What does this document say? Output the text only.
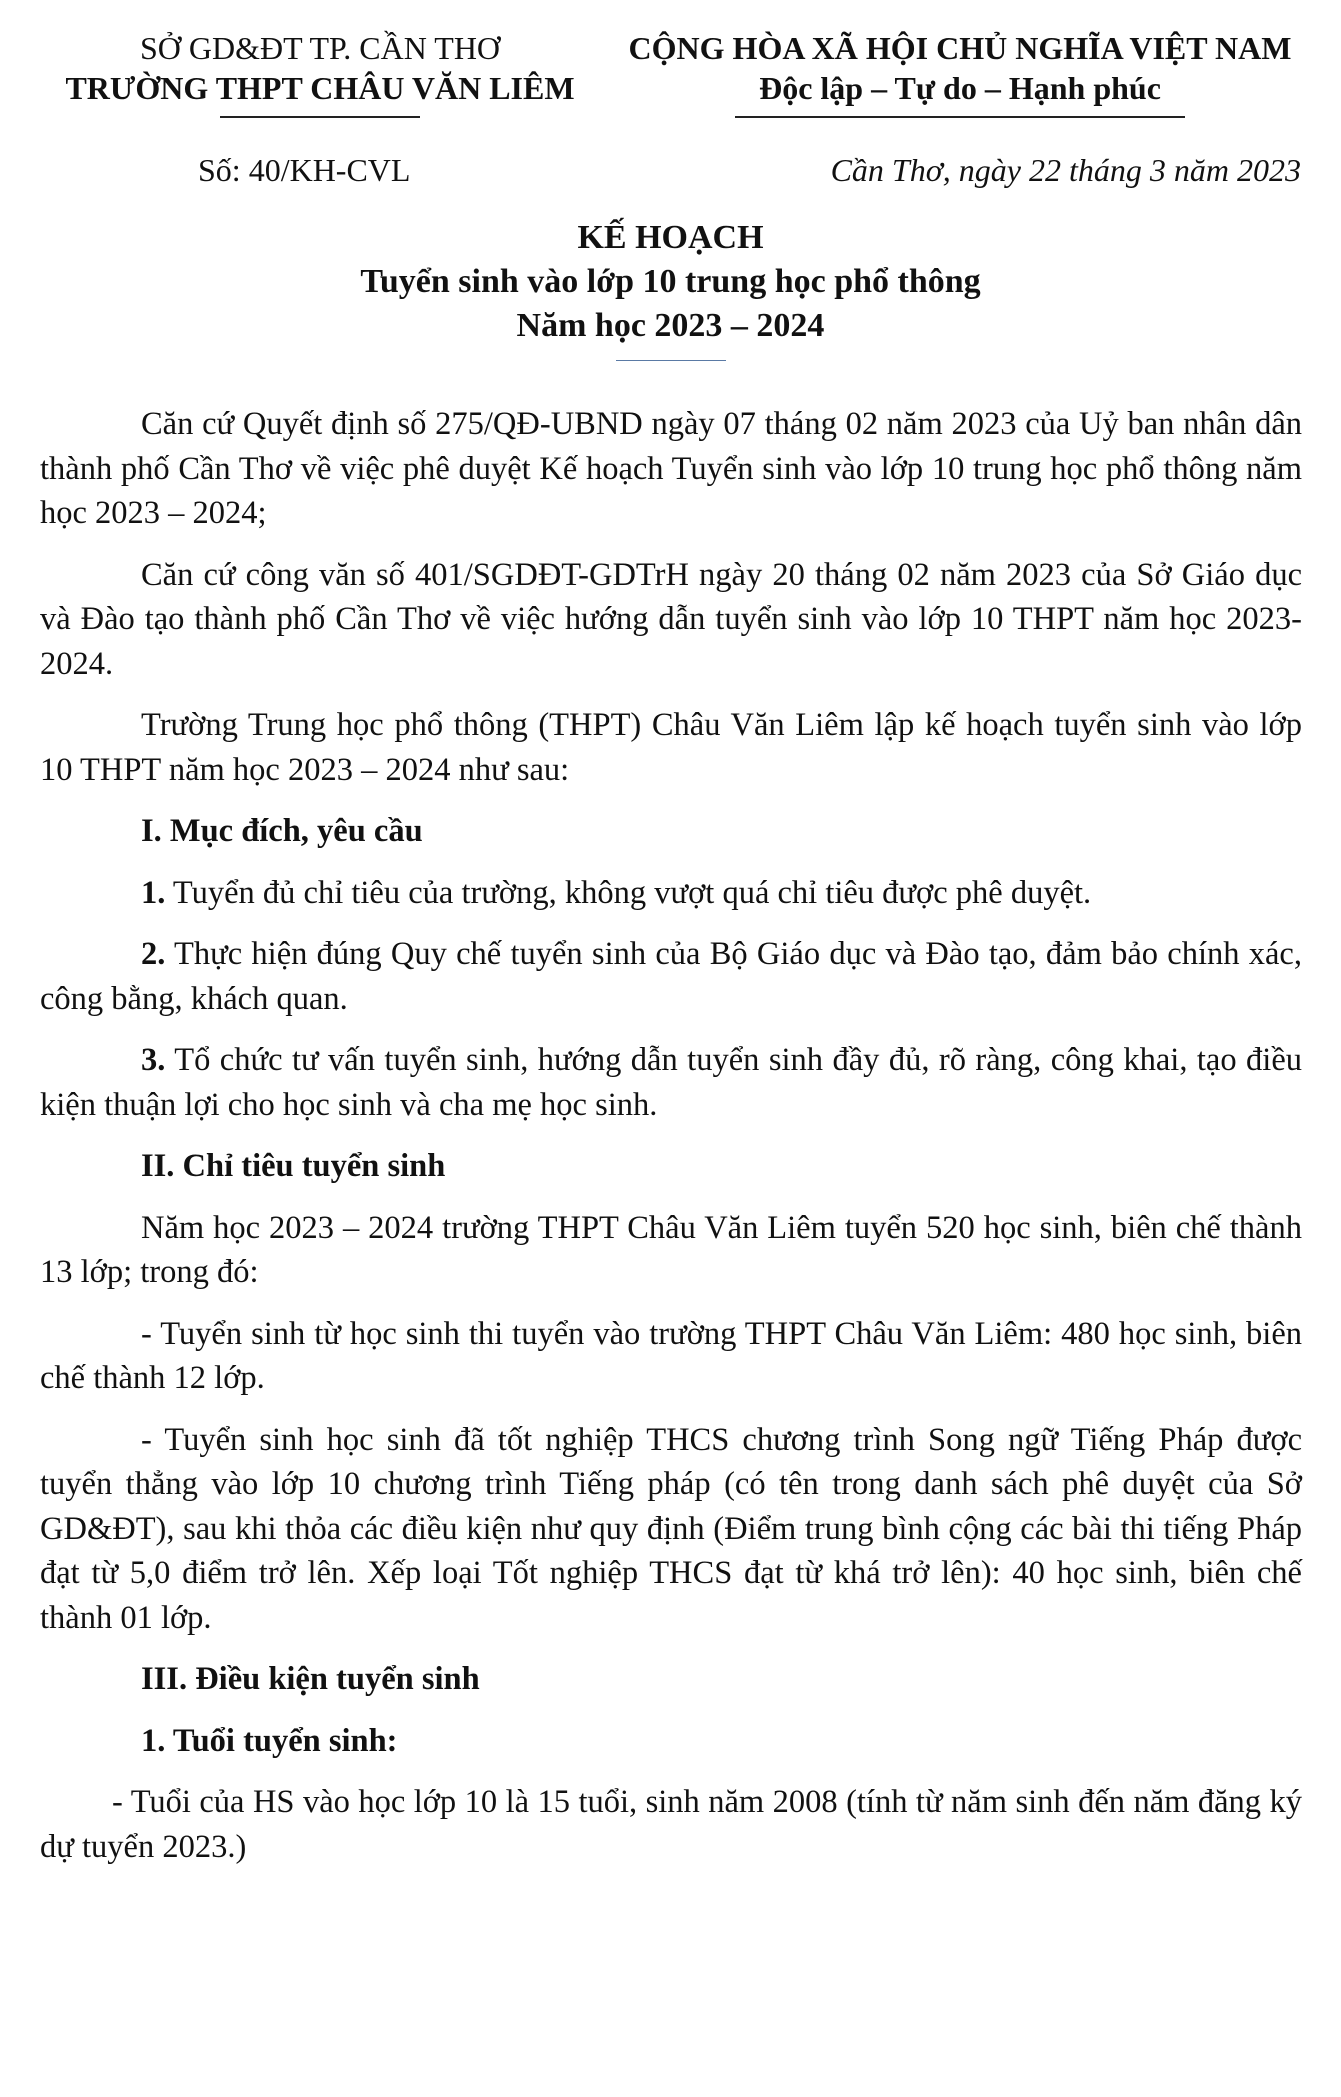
SỞ GD&ĐT TP. CẦN THƠ
TRƯỜNG THPT CHÂU VĂN LIÊM
CỘNG HÒA XÃ HỘI CHỦ NGHĨA VIỆT NAM
Độc lập – Tự do – Hạnh phúc
Số: 40/KH-CVL	Cần Thơ, ngày 22 tháng 3 năm 2023
KẾ HOẠCH
Tuyển sinh vào lớp 10 trung học phổ thông
Năm học 2023 – 2024

Căn cứ Quyết định số 275/QĐ-UBND ngày 07 tháng 02 năm 2023 của Uỷ ban nhân dân thành phố Cần Thơ về việc phê duyệt Kế hoạch Tuyển sinh vào lớp 10 trung học phổ thông năm học 2023 – 2024;

Căn cứ công văn số 401/SGDĐT-GDTrH ngày 20 tháng 02 năm 2023 của Sở Giáo dục và Đào tạo thành phố Cần Thơ về việc hướng dẫn tuyển sinh vào lớp 10 THPT năm học 2023-2024.

Trường Trung học phổ thông (THPT) Châu Văn Liêm lập kế hoạch tuyển sinh vào lớp 10 THPT năm học 2023 – 2024 như sau:

I. Mục đích, yêu cầu

1. Tuyển đủ chỉ tiêu của trường, không vượt quá chỉ tiêu được phê duyệt.

2. Thực hiện đúng Quy chế tuyển sinh của Bộ Giáo dục và Đào tạo, đảm bảo chính xác, công bằng, khách quan.

3. Tổ chức tư vấn tuyển sinh, hướng dẫn tuyển sinh đầy đủ, rõ ràng, công khai, tạo điều kiện thuận lợi cho học sinh và cha mẹ học sinh.

II. Chỉ tiêu tuyển sinh

Năm học 2023 – 2024 trường THPT Châu Văn Liêm tuyển 520 học sinh, biên chế thành 13 lớp; trong đó:

- Tuyển sinh từ học sinh thi tuyển vào trường THPT Châu Văn Liêm: 480 học sinh, biên chế thành 12 lớp.

- Tuyển sinh học sinh đã tốt nghiệp THCS chương trình Song ngữ Tiếng Pháp được tuyển thẳng vào lớp 10 chương trình Tiếng pháp (có tên trong danh sách phê duyệt của Sở GD&ĐT), sau khi thỏa các điều kiện như quy định (Điểm trung bình cộng các bài thi tiếng Pháp đạt từ 5,0 điểm trở lên. Xếp loại Tốt nghiệp THCS đạt từ khá trở lên): 40 học sinh, biên chế thành 01 lớp.

III. Điều kiện tuyển sinh

1. Tuổi tuyển sinh:

- Tuổi của HS vào học lớp 10 là 15 tuổi, sinh năm 2008 (tính từ năm sinh đến năm đăng ký dự tuyển 2023.)
